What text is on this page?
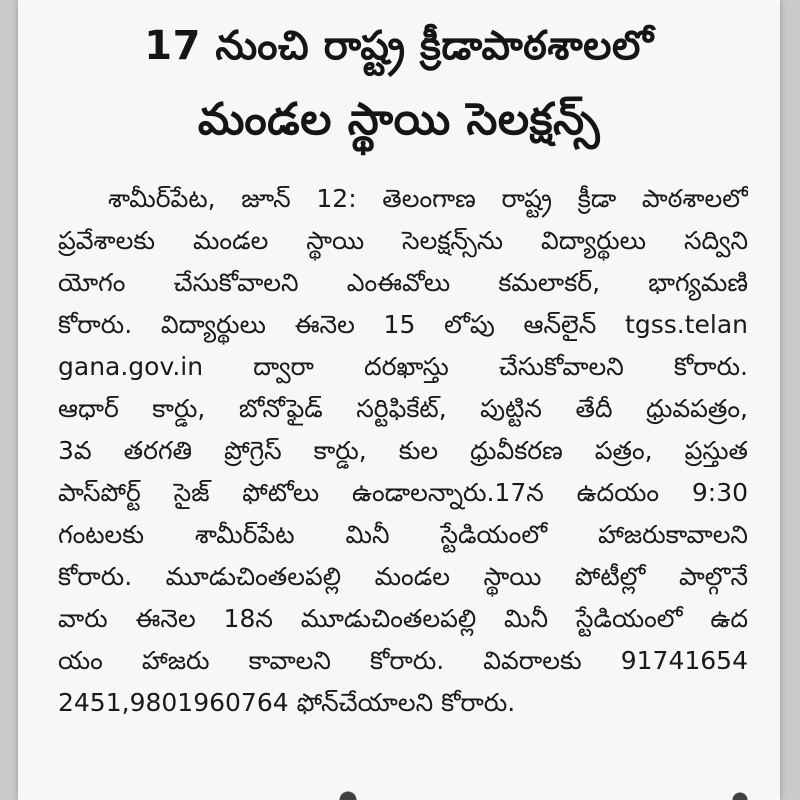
17 నుంచి రాష్ట్ర క్రీడాపాఠశాలలో
మండల స్థాయి సెలక్షన్స్
శామీర్‌పేట, జూన్ 12: తెలంగాణ రాష్ట్ర క్రీడా పాఠశాలలో
ప్రవేశాలకు మండల స్థాయి సెలక్షన్స్‌ను విద్యార్థులు సద్విని
యోగం చేసుకోవాలని ఎంఈవోలు కమలాకర్, భాగ్యమణి
కోరారు. విద్యార్థులు ఈనెల 15 లోపు ఆన్‌లైన్ tgss.telan
gana.gov.in ద్వారా దరఖాస్తు చేసుకోవాలని కోరారు.
ఆధార్ కార్డు, బోనోఫైడ్ సర్టిఫికేట్, పుట్టిన తేదీ ధ్రువపత్రం,
3వ తరగతి ప్రోగ్రెస్ కార్డు, కుల ధ్రువీకరణ పత్రం, ప్రస్తుత
పాస్‌పోర్ట్ సైజ్ ఫోటోలు ఉండాలన్నారు.17న ఉదయం 9:30
గంటలకు శామీర్‌పేట మినీ స్టేడియంలో హాజరుకావాలని
కోరారు. మూడుచింతలపల్లి మండల స్థాయి పోటీల్లో పాల్గొనే
వారు ఈనెల 18న మూడుచింతలపల్లి మినీ స్టేడియంలో ఉద
యం హాజరు కావాలని కోరారు. వివరాలకు 91741654
2451,9801960764 ఫోన్‌చేయాలని కోరారు.
